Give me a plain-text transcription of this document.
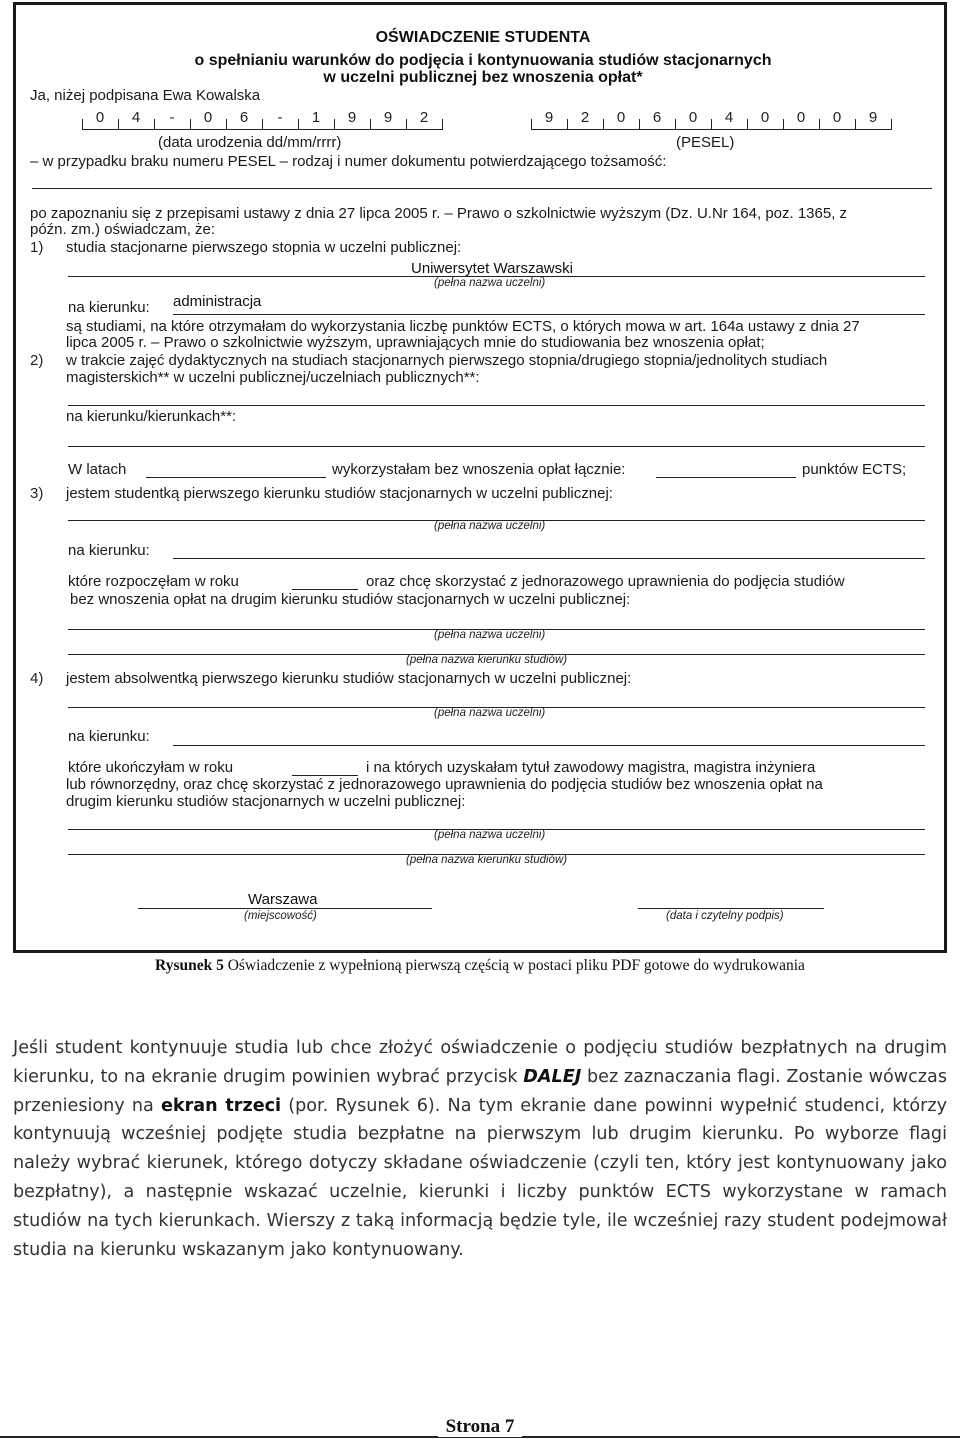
OŚWIADCZENIE STUDENTA
o spełnianiu warunków do podjęcia i kontynuowania studiów stacjonarnych
w uczelni publicznej bez wnoszenia opłat*
Ja, niżej podpisana Ewa Kowalska
0	4	-	0	6	-	1	9	9	2	9	2	0	6	0	4	0	0	0	9
(data urodzenia dd/mm/rrrr)	(PESEL)
– w przypadku braku numeru PESEL – rodzaj i numer dokumentu potwierdzającego tożsamość:
po zapoznaniu się z przepisami ustawy z dnia 27 lipca 2005 r. – Prawo o szkolnictwie wyższym (Dz. U.Nr 164, poz. 1365, z
późn. zm.) oświadczam, że:
1) studia stacjonarne pierwszego stopnia w uczelni publicznej:
Uniwersytet Warszawski
(pełna nazwa uczelni)
na kierunku: administracja
są studiami, na które otrzymałam do wykorzystania liczbę punktów ECTS, o których mowa w art. 164a ustawy z dnia 27
lipca 2005 r. – Prawo o szkolnictwie wyższym, uprawniających mnie do studiowania bez wnoszenia opłat;
2) w trakcie zajęć dydaktycznych na studiach stacjonarnych pierwszego stopnia/drugiego stopnia/jednolitych studiach
magisterskich** w uczelni publicznej/uczelniach publicznych**:
na kierunku/kierunkach**:
W latach	wykorzystałam bez wnoszenia opłat łącznie:	punktów ECTS;
3) jestem studentką pierwszego kierunku studiów stacjonarnych w uczelni publicznej:
(pełna nazwa uczelni)
na kierunku:
które rozpoczęłam w roku	oraz chcę skorzystać z jednorazowego uprawnienia do podjęcia studiów
bez wnoszenia opłat na drugim kierunku studiów stacjonarnych w uczelni publicznej:
(pełna nazwa uczelni)
(pełna nazwa kierunku studiów)
4) jestem absolwentką pierwszego kierunku studiów stacjonarnych w uczelni publicznej:
(pełna nazwa uczelni)
na kierunku:
które ukończyłam w roku	i na których uzyskałam tytuł zawodowy magistra, magistra inżyniera
lub równorzędny, oraz chcę skorzystać z jednorazowego uprawnienia do podjęcia studiów bez wnoszenia opłat na
drugim kierunku studiów stacjonarnych w uczelni publicznej:
(pełna nazwa uczelni)
(pełna nazwa kierunku studiów)
Warszawa
(miejscowość)	(data i czytelny podpis)
Rysunek 5 Oświadczenie z wypełnioną pierwszą częścią w postaci pliku PDF gotowe do wydrukowania
Jeśli student kontynuuje studia lub chce złożyć oświadczenie o podjęciu studiów bezpłatnych na drugim kierunku, to na ekranie drugim powinien wybrać przycisk DALEJ bez zaznaczania flagi. Zostanie wówczas przeniesiony na ekran trzeci (por. Rysunek 6). Na tym ekranie dane powinni wypełnić studenci, którzy kontynuują wcześniej podjęte studia bezpłatne na pierwszym lub drugim kierunku. Po wyborze flagi należy wybrać kierunek, którego dotyczy składane oświadczenie (czyli ten, który jest kontynuowany jako bezpłatny), a następnie wskazać uczelnie, kierunki i liczby punktów ECTS wykorzystane w ramach studiów na tych kierunkach. Wierszy z taką informacją będzie tyle, ile wcześniej razy student podejmował studia na kierunku wskazanym jako kontynuowany.
Strona 7
